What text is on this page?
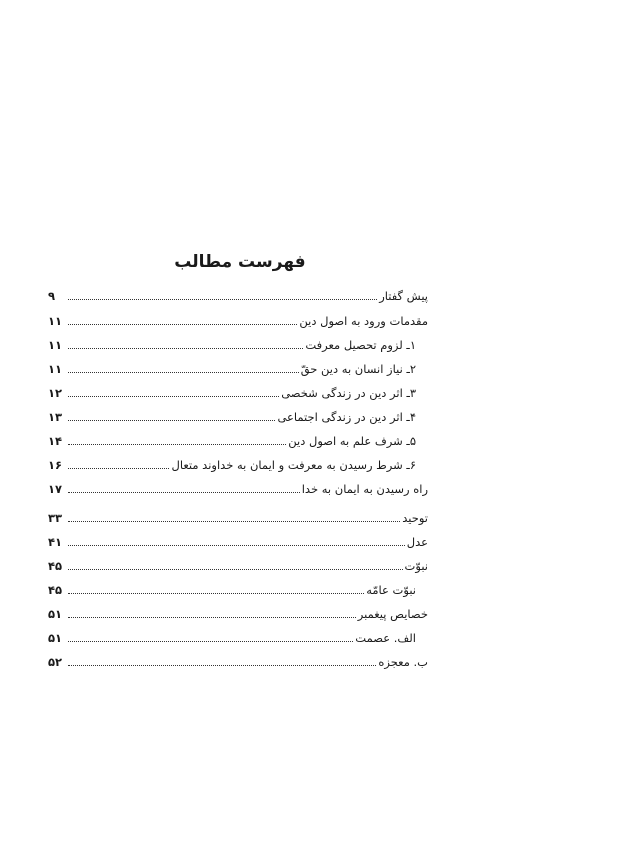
فهرست مطالب
پیش گفتار
۹
مقدمات ورود به اصول دین
۱۱
۱ـ لزوم تحصیل معرفت
۱۱
۲ـ نیاز انسان به دین حقّ
۱۱
۳ـ اثر دین در زندگی شخصی
۱۲
۴ـ اثر دین در زندگی اجتماعی
۱۳
۵ـ شرف علم به اصول دین
۱۴
۶ـ شرط رسیدن به معرفت و ایمان به خداوند متعال
۱۶
راه رسیدن به ایمان به خدا
۱۷
توحید
۳۳
عدل
۴۱
نبوّت
۴۵
نبوّت عامّه
۴۵
خصایص پیغمبر
۵۱
الف. عصمت
۵۱
ب. معجزه
۵۲
